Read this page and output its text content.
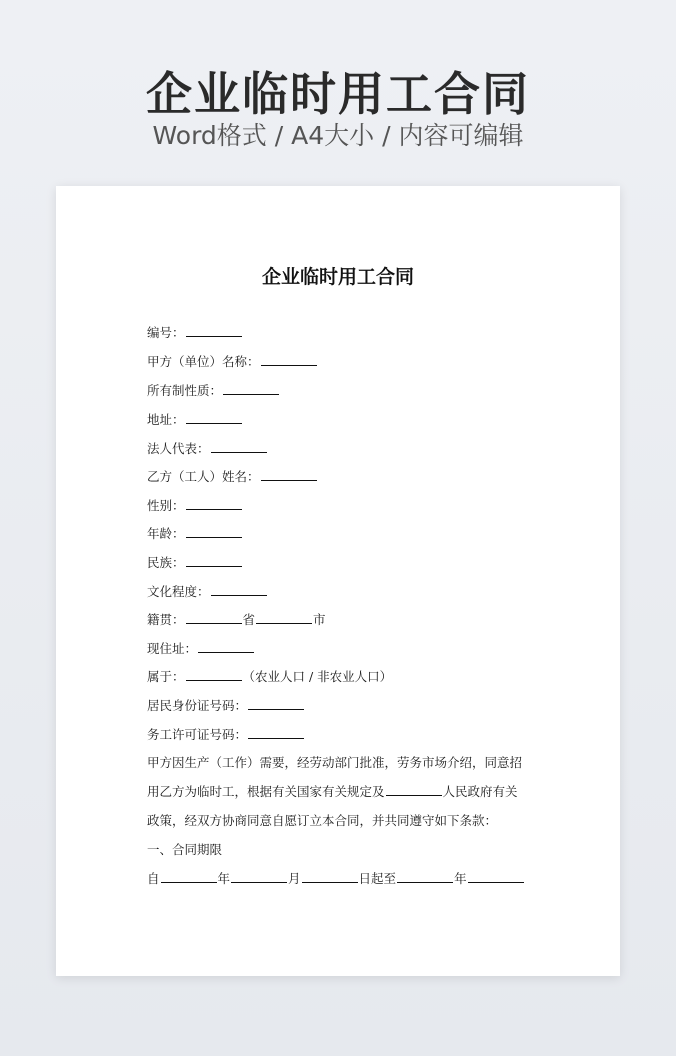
企业临时用工合同
Word格式 / A4大小 / 内容可编辑
企业临时用工合同
编号：
甲方（单位）名称：
所有制性质：
地址：
法人代表：
乙方（工人）姓名：
性别：
年龄：
民族：
文化程度：
籍贯：	省	市
现住址：
属于：	（农业人口 / 非农业人口）
居民身份证号码：
务工许可证号码：
甲方因生产（工作）需要，经劳动部门批准，劳务市场介绍，同意招
用乙方为临时工，根据有关国家有关规定及	人民政府有关
政策，经双方协商同意自愿订立本合同，并共同遵守如下条款：
一、合同期限
自	年	月	日起至	年
